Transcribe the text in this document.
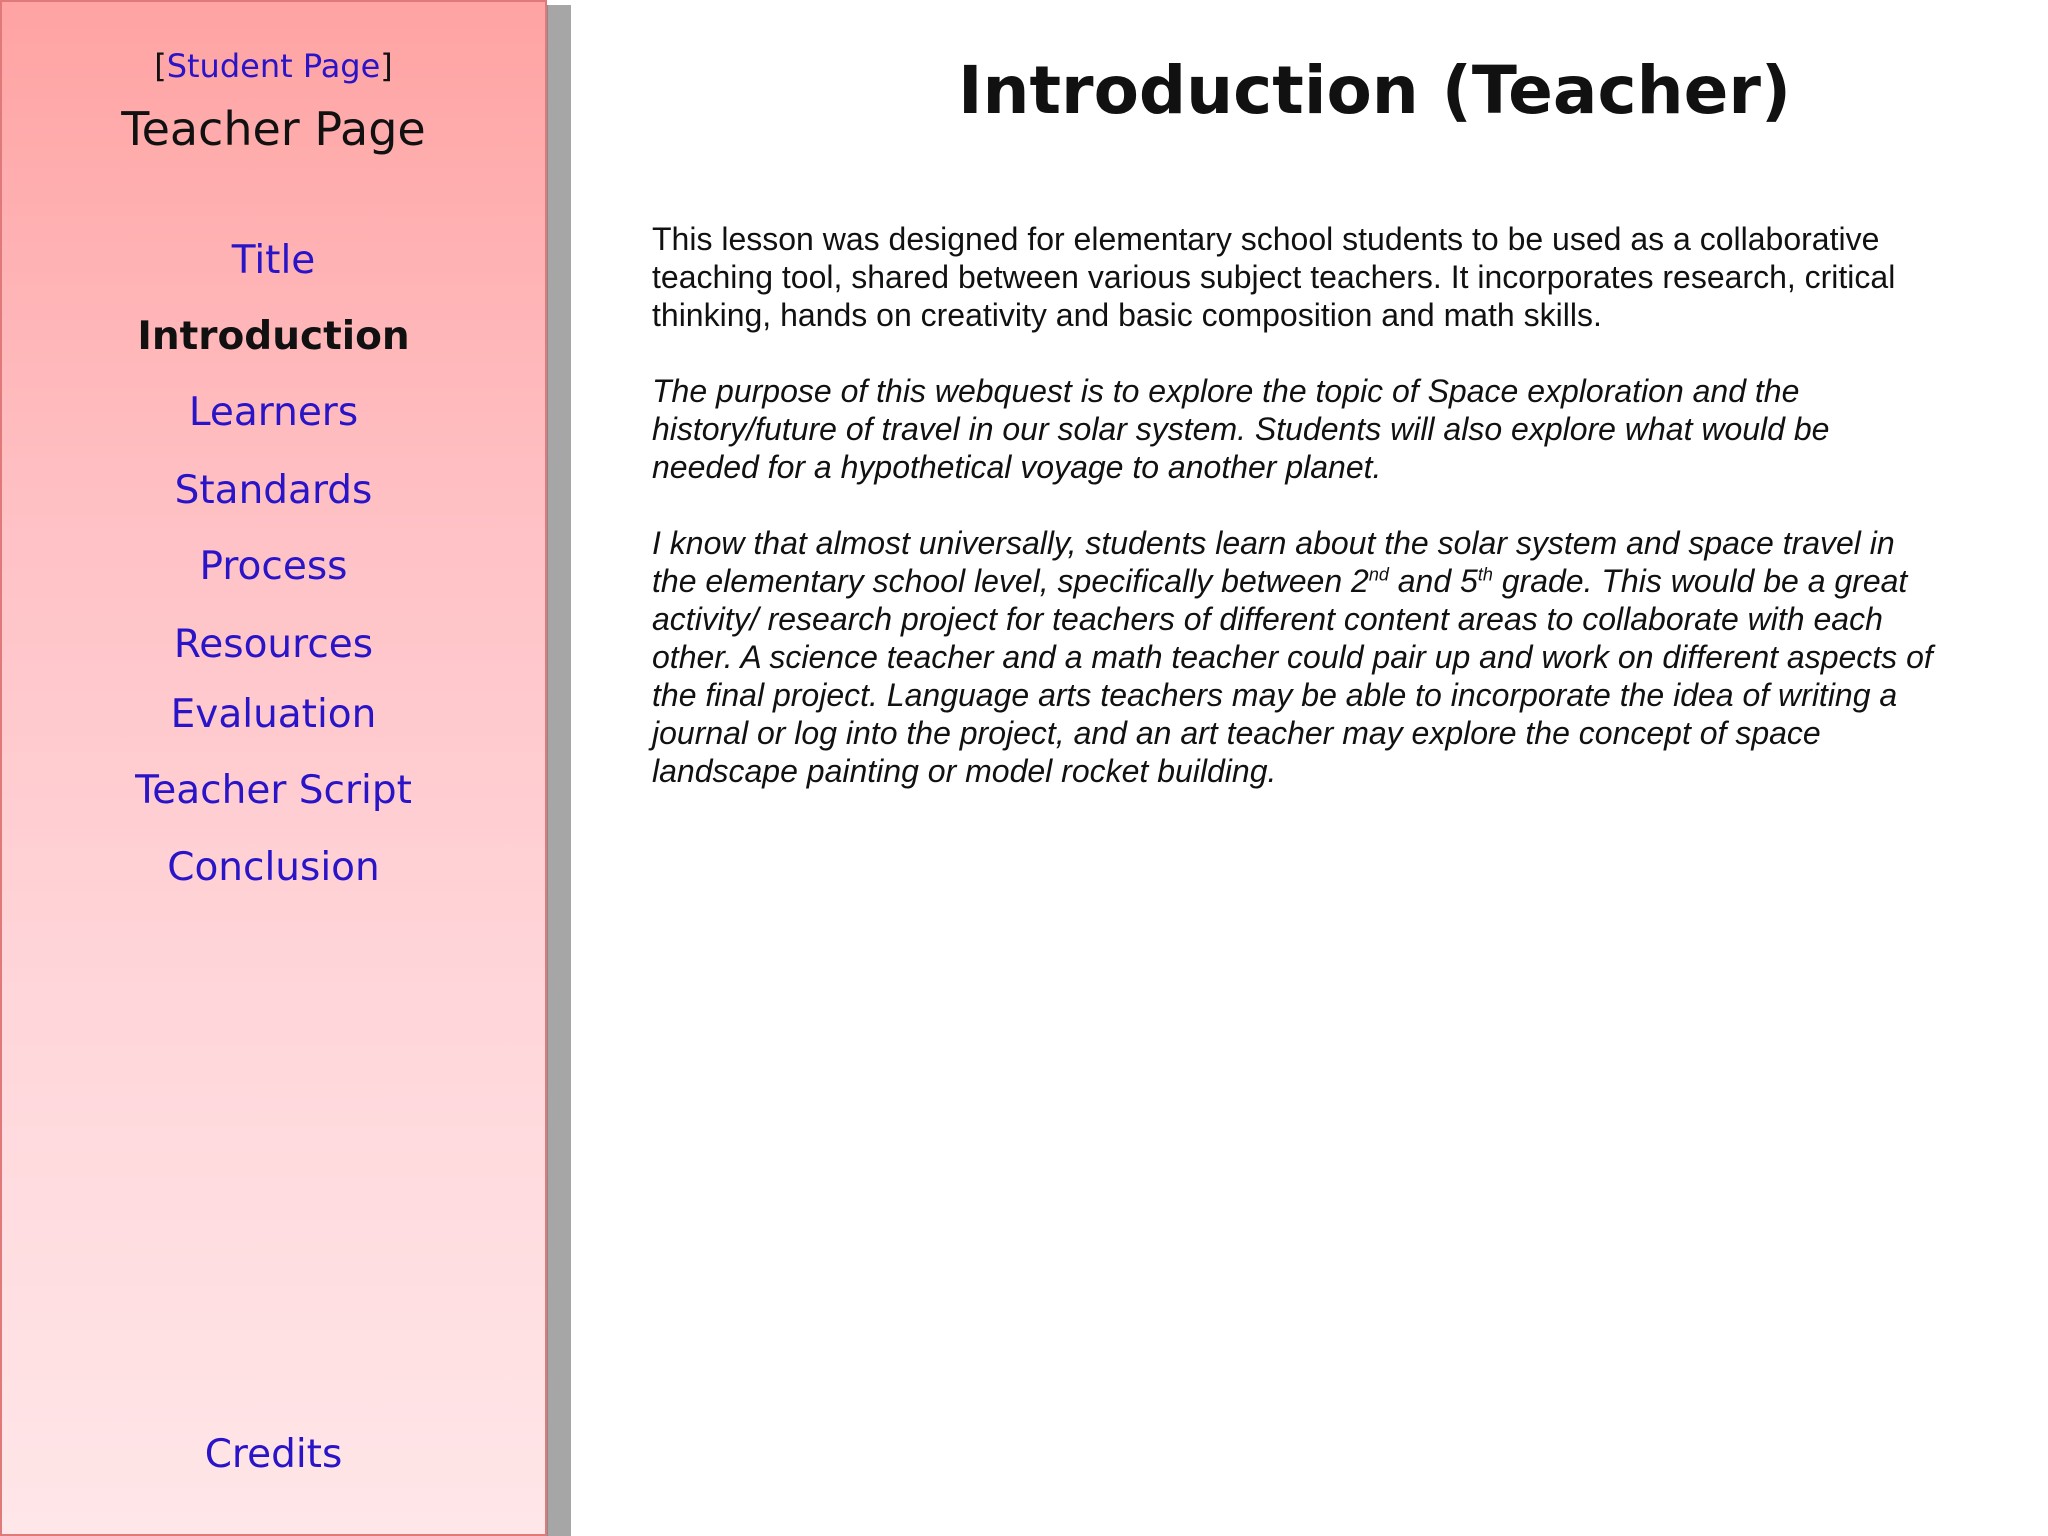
[Student Page]
Teacher Page
Title
Introduction
Learners
Standards
Process
Resources
Evaluation
Teacher Script
Conclusion
Credits
Introduction (Teacher)

This lesson was designed for elementary school students to be used as a collaborative teaching tool, shared between various subject teachers. It incorporates research, critical thinking, hands on creativity and basic composition and math skills.

The purpose of this webquest is to explore the topic of Space exploration and the history/future of travel in our solar system. Students will also explore what would be needed for a hypothetical voyage to another planet.

I know that almost universally, students learn about the solar system and space travel in the elementary school level, specifically between 2nd and 5th grade. This would be a great activity/ research project for teachers of different content areas to collaborate with each other. A science teacher and a math teacher could pair up and work on different aspects of the final project. Language arts teachers may be able to incorporate the idea of writing a journal or log into the project, and an art teacher may explore the concept of space landscape painting or model rocket building.
